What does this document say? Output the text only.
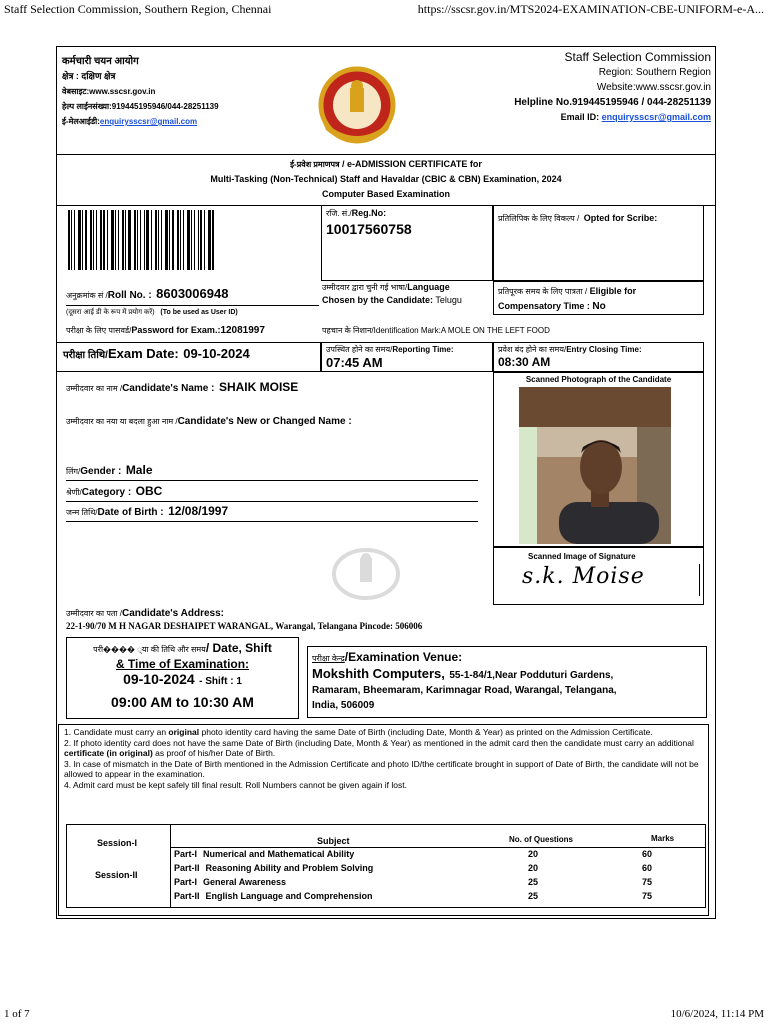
Staff Selection Commission, Southern Region, Chennai	https://sscsr.gov.in/MTS2024-EXAMINATION-CBE-UNIFORM-e-A...
1 of 7	10/6/2024, 11:14 PM
कर्मचारी चयन आयोग
क्षेत्र : दक्षिण क्षेत्र
वेबसाइट:www.sscsr.gov.in
हेल्प लाईनसंख्या:919445195946/044-28251139
ई-मेलआईडी:enquirysscsr@gmail.com
Staff Selection Commission
Region: Southern Region
Website:www.sscsr.gov.in
Helpline No.919445195946 / 044-28251139
Email ID: enquirysscsr@gmail.com
ई-प्रवेश प्रमाणपत्र / e-ADMISSION CERTIFICATE for
Multi-Tasking (Non-Technical) Staff and Havaldar (CBIC & CBN) Examination, 2024
Computer Based Examination
रजि. सं./Reg.No:
10017560758
प्रतिलिपिक के लिए विकल्प / Opted for Scribe:
अनुक्रमांक सं /Roll No. : 8603006948
(दूसरा आई डी के रूप में प्रयोग करें) (To be used as User ID)
उम्मीदवार द्वारा चुनी गई भाषा/Language
Chosen by the Candidate: Telugu
प्रतिपूरक समय के लिए पात्रता / Eligible for
Compensatory Time : No
परीक्षा के लिए पासवर्ड/Password for Exam.:12081997	पहचान के निशान/Identification Mark:A MOLE ON THE LEFT FOOD
परीक्षा तिथि/Exam Date: 09-10-2024	उपस्थित होने का समय/Reporting Time:
07:45 AM
प्रवेश बंद होने का समय/Entry Closing Time:
08:30 AM
उम्मीदवार का नाम /Candidate's Name : SHAIK MOISE
उम्मीदवार का नया या बदला हुआ नाम /Candidate's New or Changed Name :
लिंग/Gender : Male
श्रेणी/Category : OBC
जन्म तिथि/Date of Birth : 12/08/1997
Scanned Photograph of the Candidate
Scanned Image of Signature
s.k. Moise
उम्मीदवार का पता /Candidate's Address:
22-1-90/70 M H NAGAR DESHAIPET WARANGAL, Warangal, Telangana Pincode: 506006
परी���� ्या की तिथि और समय/ Date, Shift
& Time of Examination:
09-10-2024 - Shift : 1
09:00 AM to 10:30 AM
परीक्षा केन्द्र/Examination Venue:
Mokshith Computers, 55-1-84/1,Near Podduturi Gardens,
Ramaram, Bheemaram, Karimnagar Road, Warangal, Telangana,
India, 506009
1. Candidate must carry an original photo identity card having the same Date of Birth (including Date, Month & Year) as printed on the Admission Certificate.
2. If photo identity card does not have the same Date of Birth (including Date, Month & Year) as mentioned in the admit card then the candidate must carry an additional certificate (in original) as proof of his/her Date of Birth.
3. In case of mismatch in the Date of Birth mentioned in the Admission Certificate and photo ID/the certificate brought in support of Date of Birth, the candidate will not be allowed to appear in the examination.
4. Admit card must be kept safely till final result. Roll Numbers cannot be given again if lost.
Session-I
Session-II
Subject	No. of Questions	Marks
Part-I Numerical and Mathematical Ability	20	60
Part-II Reasoning Ability and Problem Solving	20	60
Part-I General Awareness	25	75
Part-II English Language and Comprehension	25	75
